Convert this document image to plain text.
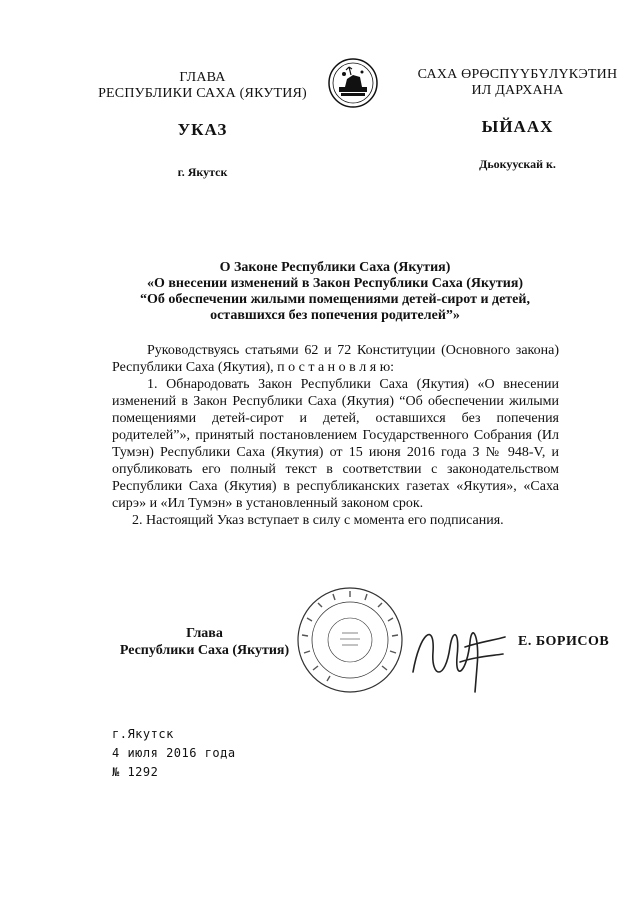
ГЛАВА
РЕСПУБЛИКИ САХА (ЯКУТИЯ)
САХА ӨРӨСПҮҮБҮЛҮКЭТИН
ИЛ ДАРХАНА
УКАЗ	ЫЙААХ
г. Якутск
Дьокуускай к.
О Законе Республики Саха (Якутия)
«О внесении изменений в Закон Республики Саха (Якутия)
“Об обеспечении жилыми помещениями детей-сирот и детей,
оставшихся без попечения родителей”»

Руководствуясь статьями 62 и 72 Конституции (Основного закона) Республики Саха (Якутия), п о с т а н о в л я ю:

1. Обнародовать Закон Республики Саха (Якутия) «О внесении изменений в Закон Республики Саха (Якутия) “Об обеспечении жилыми помещениями детей-сирот и детей, оставшихся без попечения родителей”», принятый постановлением Государственного Собрания (Ил Тумэн) Республики Саха (Якутия) от 15 июня 2016 года З № 948-V, и опубликовать его полный текст в соответствии с законодательством Республики Саха (Якутия) в республиканских газетах «Якутия», «Саха сирэ» и «Ил Тумэн» в установленный законом срок.

2. Настоящий Указ вступает в силу с момента его подписания.

Глава
Республики Саха (Якутия)
Е. БОРИСОВ
г.Якутск
4 июля 2016 года
№ 1292
